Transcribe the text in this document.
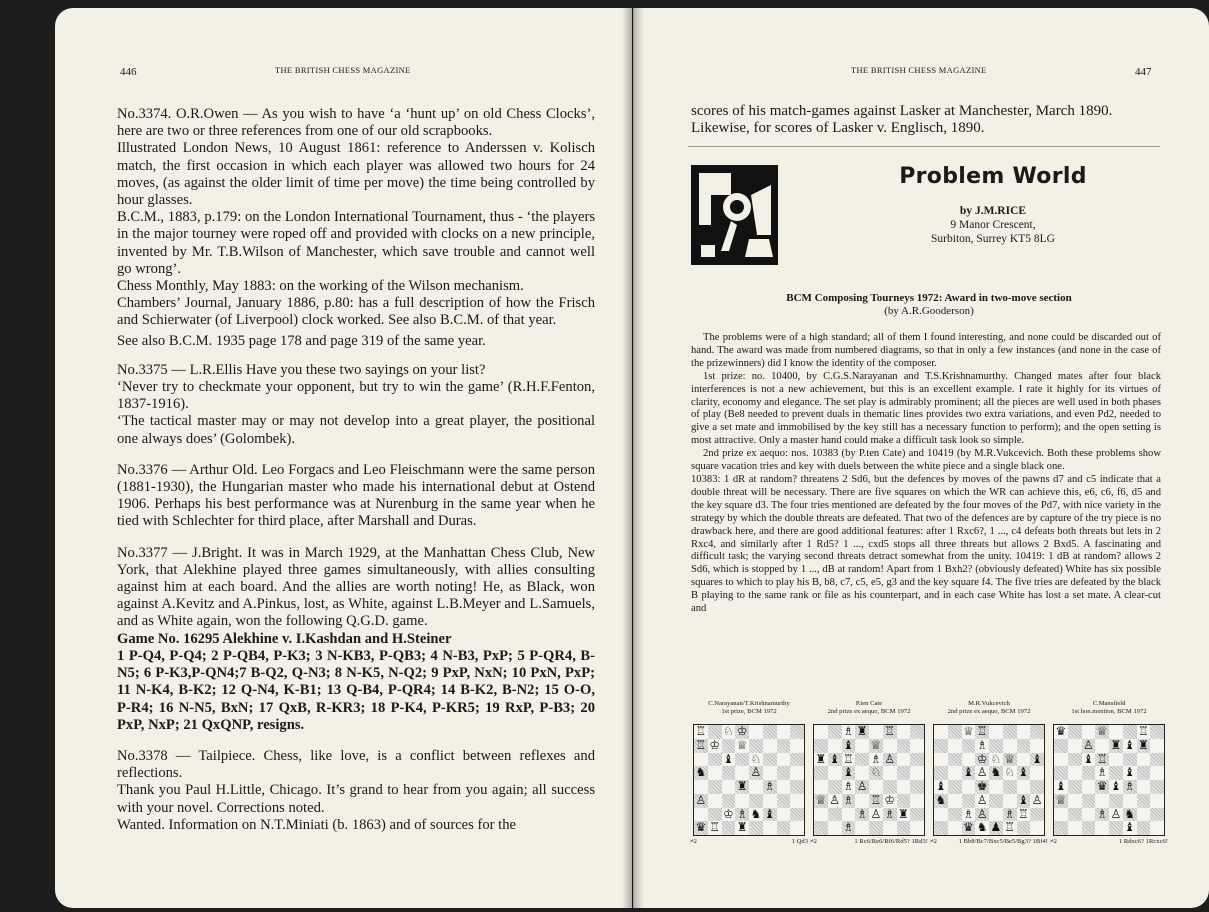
446	THE BRITISH CHESS MAGAZINE

No.3374. O.R.Owen — As you wish to have ‘a ‘hunt up’ on old Chess Clocks’, here are two or three references from one of our old scrapbooks.

Illustrated London News, 10 August 1861: reference to Anderssen v. Kolisch match, the first occasion in which each player was allowed two hours for 24 moves, (as against the older limit of time per move) the time being controlled by hour glasses.

B.C.M., 1883, p.179: on the London International Tournament, thus - ‘the players in the major tourney were roped off and provided with clocks on a new principle, invented by Mr. T.B.Wilson of Manchester, which save trouble and cannot well go wrong’.

Chess Monthly, May 1883: on the working of the Wilson mechanism.

Chambers’ Journal, January 1886, p.80: has a full description of how the Frisch and Schierwater (of Liverpool) clock worked. See also B.C.M. of that year.

See also B.C.M. 1935 page 178 and page 319 of the same year.

No.3375 — L.R.Ellis Have you these two sayings on your list?

‘Never try to checkmate your opponent, but try to win the game’ (R.H.F.Fenton, 1837-1916).

‘The tactical master may or may not develop into a great player, the positional one always does’ (Golombek).

No.3376 — Arthur Old. Leo Forgacs and Leo Fleischmann were the same person (1881-1930), the Hungarian master who made his international debut at Ostend 1906. Perhaps his best performance was at Nurenburg in the same year when he tied with Schlechter for third place, after Marshall and Duras.

No.3377 — J.Bright. It was in March 1929, at the Manhattan Chess Club, New York, that Alekhine played three games simultaneously, with allies consulting against him at each board. And the allies are worth noting! He, as Black, won against A.Kevitz and A.Pinkus, lost, as White, against L.B.Meyer and L.Samuels, and as White again, won the following Q.G.D. game.

Game No. 16295 Alekhine v. I.Kashdan and H.Steiner

1 P-Q4, P-Q4; 2 P-QB4, P-K3; 3 N-KB3, P-QB3; 4 N-B3, PxP; 5 P-QR4, B-N5; 6 P-K3,P-QN4;7 B-Q2, Q-N3; 8 N-K5, N-Q2; 9 PxP, NxN; 10 PxN, PxP; 11 N-K4, B-K2; 12 Q-N4, K-B1; 13 Q-B4, P-QR4; 14 B-K2, B-N2; 15 O-O, P-R4; 16 N-N5, BxN; 17 QxB, R-KR3; 18 P-K4, P-KR5; 19 RxP, P-B3; 20 PxP, NxP; 21 QxQNP, resigns.

No.3378 — Tailpiece. Chess, like love, is a conflict between reflexes and reflections.

Thank you Paul H.Little, Chicago. It’s grand to hear from you again; all success with your novel. Corrections noted.

Wanted. Information on N.T.Miniati (b. 1863) and of sources for the

THE BRITISH CHESS MAGAZINE	447
scores of his match-games against Lasker at Manchester, March 1890. Likewise, for scores of Lasker v. Englisch, 1890.
Problem World
by J.M.RICE
9 Manor Crescent,
Surbiton, Surrey KT5 8LG
BCM Composing Tourneys 1972: Award in two-move section
(by A.R.Gooderson)

The problems were of a high standard; all of them I found interesting, and none could be discarded out of hand. The award was made from numbered diagrams, so that in only a few instances (and none in the case of the prizewinners) did I know the identity of the composer.

1st prize: no. 10400, by C.G.S.Narayanan and T.S.Krishnamurthy. Changed mates after four black interferences is not a new achievement, but this is an excellent example. I rate it highly for its virtues of clarity, economy and elegance. The set play is admirably prominent; all the pieces are well used in both phases of play (Be8 needed to prevent duals in thematic lines provides two extra variations, and even Pd2, needed to give a set mate and immobilised by the key still has a necessary function to perform); and the open setting is most attractive. Only a master hand could make a difficult task look so simple.

2nd prize ex aequo: nos. 10383 (by P.ten Cate) and 10419 (by M.R.Vukcevich. Both these problems show square vacation tries and key with duels between the white piece and a single black one.

10383: 1 dR at random? threatens 2 Sd6, but the defences by moves of the pawns d7 and c5 indicate that a double threat will be necessary. There are five squares on which the WR can achieve this, e6, c6, f6, d5 and the key square d3. The four tries mentioned are defeated by the four moves of the Pd7, with nice variety in the strategy by which the double threats are defeated. That two of the defences are by capture of the try piece is no drawback here, and there are good additional features: after 1 Rxc6?, 1 ..., c4 defeats both threats but lets in 2 Rxc4, and similarly after 1 Rd5? 1 ..., cxd5 stops all three threats but allows 2 Bxd5. A fascinating and difficult task; the varying second threats detract somewhat from the unity. 10419: 1 dB at random? allows 2 Sd6, which is stopped by 1 ..., dB at random! Apart from 1 Bxh2? (obviously defeated) White has six possible squares to which to play his B, b8, c7, c5, e5, g3 and the key square f4. The five tries are defeated by the black B playing to the same rank or file as his counterpart, and in each case White has lost a set mate. A clear-cut and

C.Narayanan/T.Krishnamurthy
1st prize, BCM 1972
♖ ♘ ♔
♖ ♔ ♕
♝ ♘
♞	♙
♜ ♗
♙
♔ ♗ ♞ ♝
♛ ♖ ♜
≠2	1 Qd3
P.ten Cate
2nd prize ex aequo, BCM 1972
♗ ♜ ♖
♝ ♕
♜ ♝ ♖ ♗ ♙
♝ ♘
♗ ♙
♕ ♙ ♗ ♖ ♔
♗ ♙ ♗ ♜
♗
≠2	1 Rc6/Re6/Rf6/Rd5? 1Rd3!
M.R.Vukcevich
2nd prize ex aequo, BCM 1972
♕ ♖
♗
♔ ♘ ♕ ♝
♝ ♙ ♞ ♘ ♝
♝	♚
♞	♙	♝ ♙
♗ ♙ ♗ ♖
♛ ♞ ♟ ♖
≠2	1 Bb8/Bc7/Bxc5/Be5/Bg3? 1Bf4!
C.Mansfield
1st hon.mention, BCM 1972
♛	♕	♖
♙ ♜ ♝ ♜
♝ ♖
♗ ♝
♝	♛ ♝ ♗
♕
♗ ♙ ♞
♝
≠2	1 Rdxc6? 1Rcxc6!
